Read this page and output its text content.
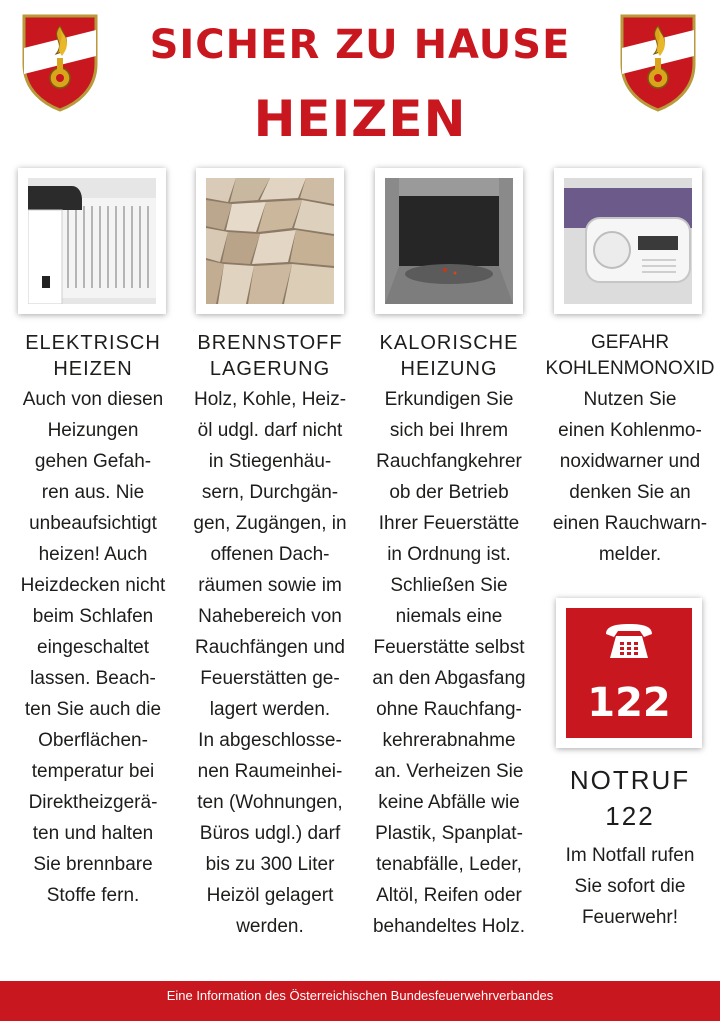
SICHER ZU HAUSE
HEIZEN
ELEKTRISCH
HEIZEN
Auch von diesen
Heizungen
gehen Gefah-
ren aus. Nie
unbeaufsichtigt
heizen! Auch
Heizdecken nicht
beim Schlafen
eingeschaltet
lassen. Beach-
ten Sie auch die
Oberflächen-
temperatur bei
Direktheizgerä-
ten und halten
Sie brennbare
Stoffe fern.
BRENNSTOFF
LAGERUNG
Holz, Kohle, Heiz-
öl udgl. darf nicht
in Stiegenhäu-
sern, Durchgän-
gen, Zugängen, in
offenen Dach-
räumen sowie im
Nahebereich von
Rauchfängen und
Feuerstätten ge-
lagert werden.
In abgeschlosse-
nen Raumeinhei-
ten (Wohnungen,
Büros udgl.) darf
bis zu 300 Liter
Heizöl gelagert
werden.
KALORISCHE
HEIZUNG
Erkundigen Sie
sich bei Ihrem
Rauchfangkehrer
ob der Betrieb
Ihrer Feuerstätte
in Ordnung ist.
Schließen Sie
niemals eine
Feuerstätte selbst
an den Abgasfang
ohne Rauchfang-
kehrerabnahme
an. Verheizen Sie
keine Abfälle wie
Plastik, Spanplat-
tenabfälle, Leder,
Altöl, Reifen oder
behandeltes Holz.
GEFAHR
KOHLENMONOXID
Nutzen Sie
einen Kohlenmo-
noxidwarner und
denken Sie an
einen Rauchwarn-
melder.
122
NOTRUF
122
Im Notfall rufen
Sie sofort die
Feuerwehr!
Eine Information des Österreichischen Bundesfeuerwehrverbandes
